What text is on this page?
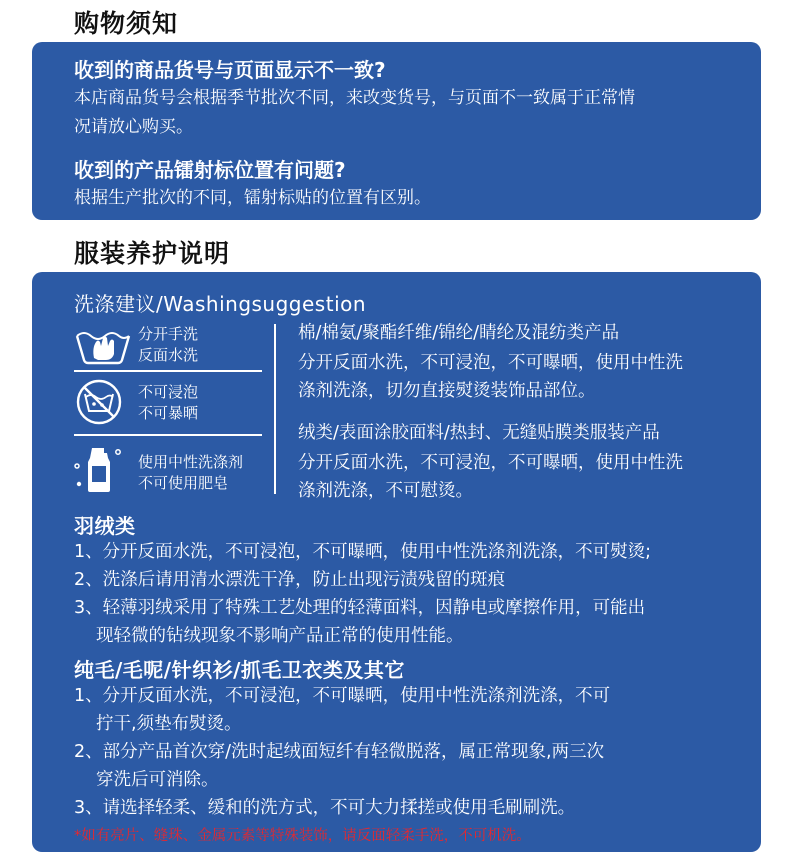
购物须知
收到的商品货号与页面显示不一致?
本店商品货号会根据季节批次不同，来改变货号，与页面不一致属于正常情
况请放心购买。
收到的产品镭射标位置有问题?
根据生产批次的不同，镭射标贴的位置有区别。
服装养护说明
洗涤建议/Washingsuggestion
分开手洗
反面水洗
不可浸泡
不可暴晒
使用中性洗涤剂
不可使用肥皂
棉/棉氨/聚酯纤维/锦纶/睛纶及混纺类产品
分开反面水洗，不可浸泡，不可曝晒，使用中性洗
涤剂洗涤，切勿直接熨烫装饰品部位。
绒类/表面涂胶面料/热封、无缝贴膜类服装产品
分开反面水洗，不可浸泡，不可曝晒，使用中性洗
涤剂洗涤，不可慰烫。
羽绒类
1、分开反面水洗，不可浸泡，不可曝晒，使用中性洗涤剂洗涤，不可熨烫;
2、洗涤后请用清水漂洗干净，防止出现污渍残留的斑痕
3、轻薄羽绒采用了特殊工艺处理的轻薄面料，因静电或摩擦作用，可能出
现轻微的钻绒现象不影响产品正常的使用性能。
纯毛/毛呢/针织衫/抓毛卫衣类及其它
1、分开反面水洗，不可浸泡，不可曝晒，使用中性洗涤剂洗涤，不可
拧干,须垫布熨烫。
2、部分产品首次穿/洗时起绒面短纤有轻微脱落，属正常现象,两三次
穿洗后可消除。
3、请选择轻柔、缓和的洗方式，不可大力揉搓或使用毛刷刷洗。
*如有亮片、缝珠、金属元素等特殊装饰，请反面轻柔手洗，不可机洗。
